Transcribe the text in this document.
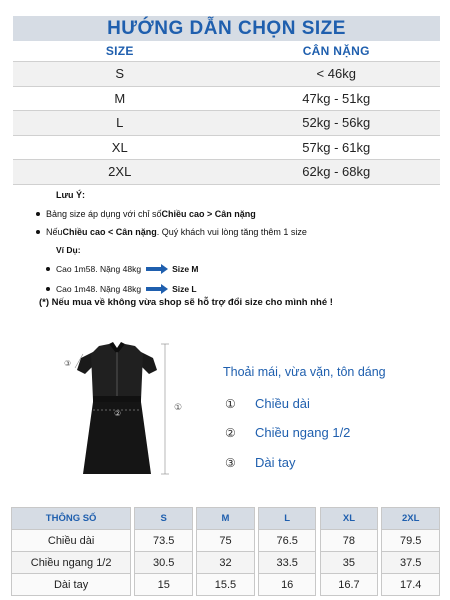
HƯỚNG DẪN CHỌN SIZE
SIZE	CÂN NẶNG
S	< 46kg
M	47kg - 51kg
L	52kg - 56kg
XL	57kg - 61kg
2XL	62kg - 68kg
Lưu Ý:
Bảng size áp dụng với chỉ số Chiều cao > Cân nặng
Nếu Chiều cao < Cân nặng . Quý khách vui lòng tăng thêm 1 size
Ví Dụ:
Cao 1m58. Nặng 48kg	Size M
Cao 1m48. Nặng 48kg	Size L
(*) Nếu mua về không vừa shop sẽ hỗ trợ đổi size cho mình nhé !
①
②
③
Thoải mái, vừa vặn, tôn dáng
①	Chiều dài
②	Chiều ngang 1/2
③	Dài tay
THÔNG SỐ		S		M		L		XL		2XL
Chiều dài		73.5		75		76.5		78		79.5
Chiều ngang 1/2		30.5		32		33.5		35		37.5
Dài tay		15		15.5		16		16.7		17.4
